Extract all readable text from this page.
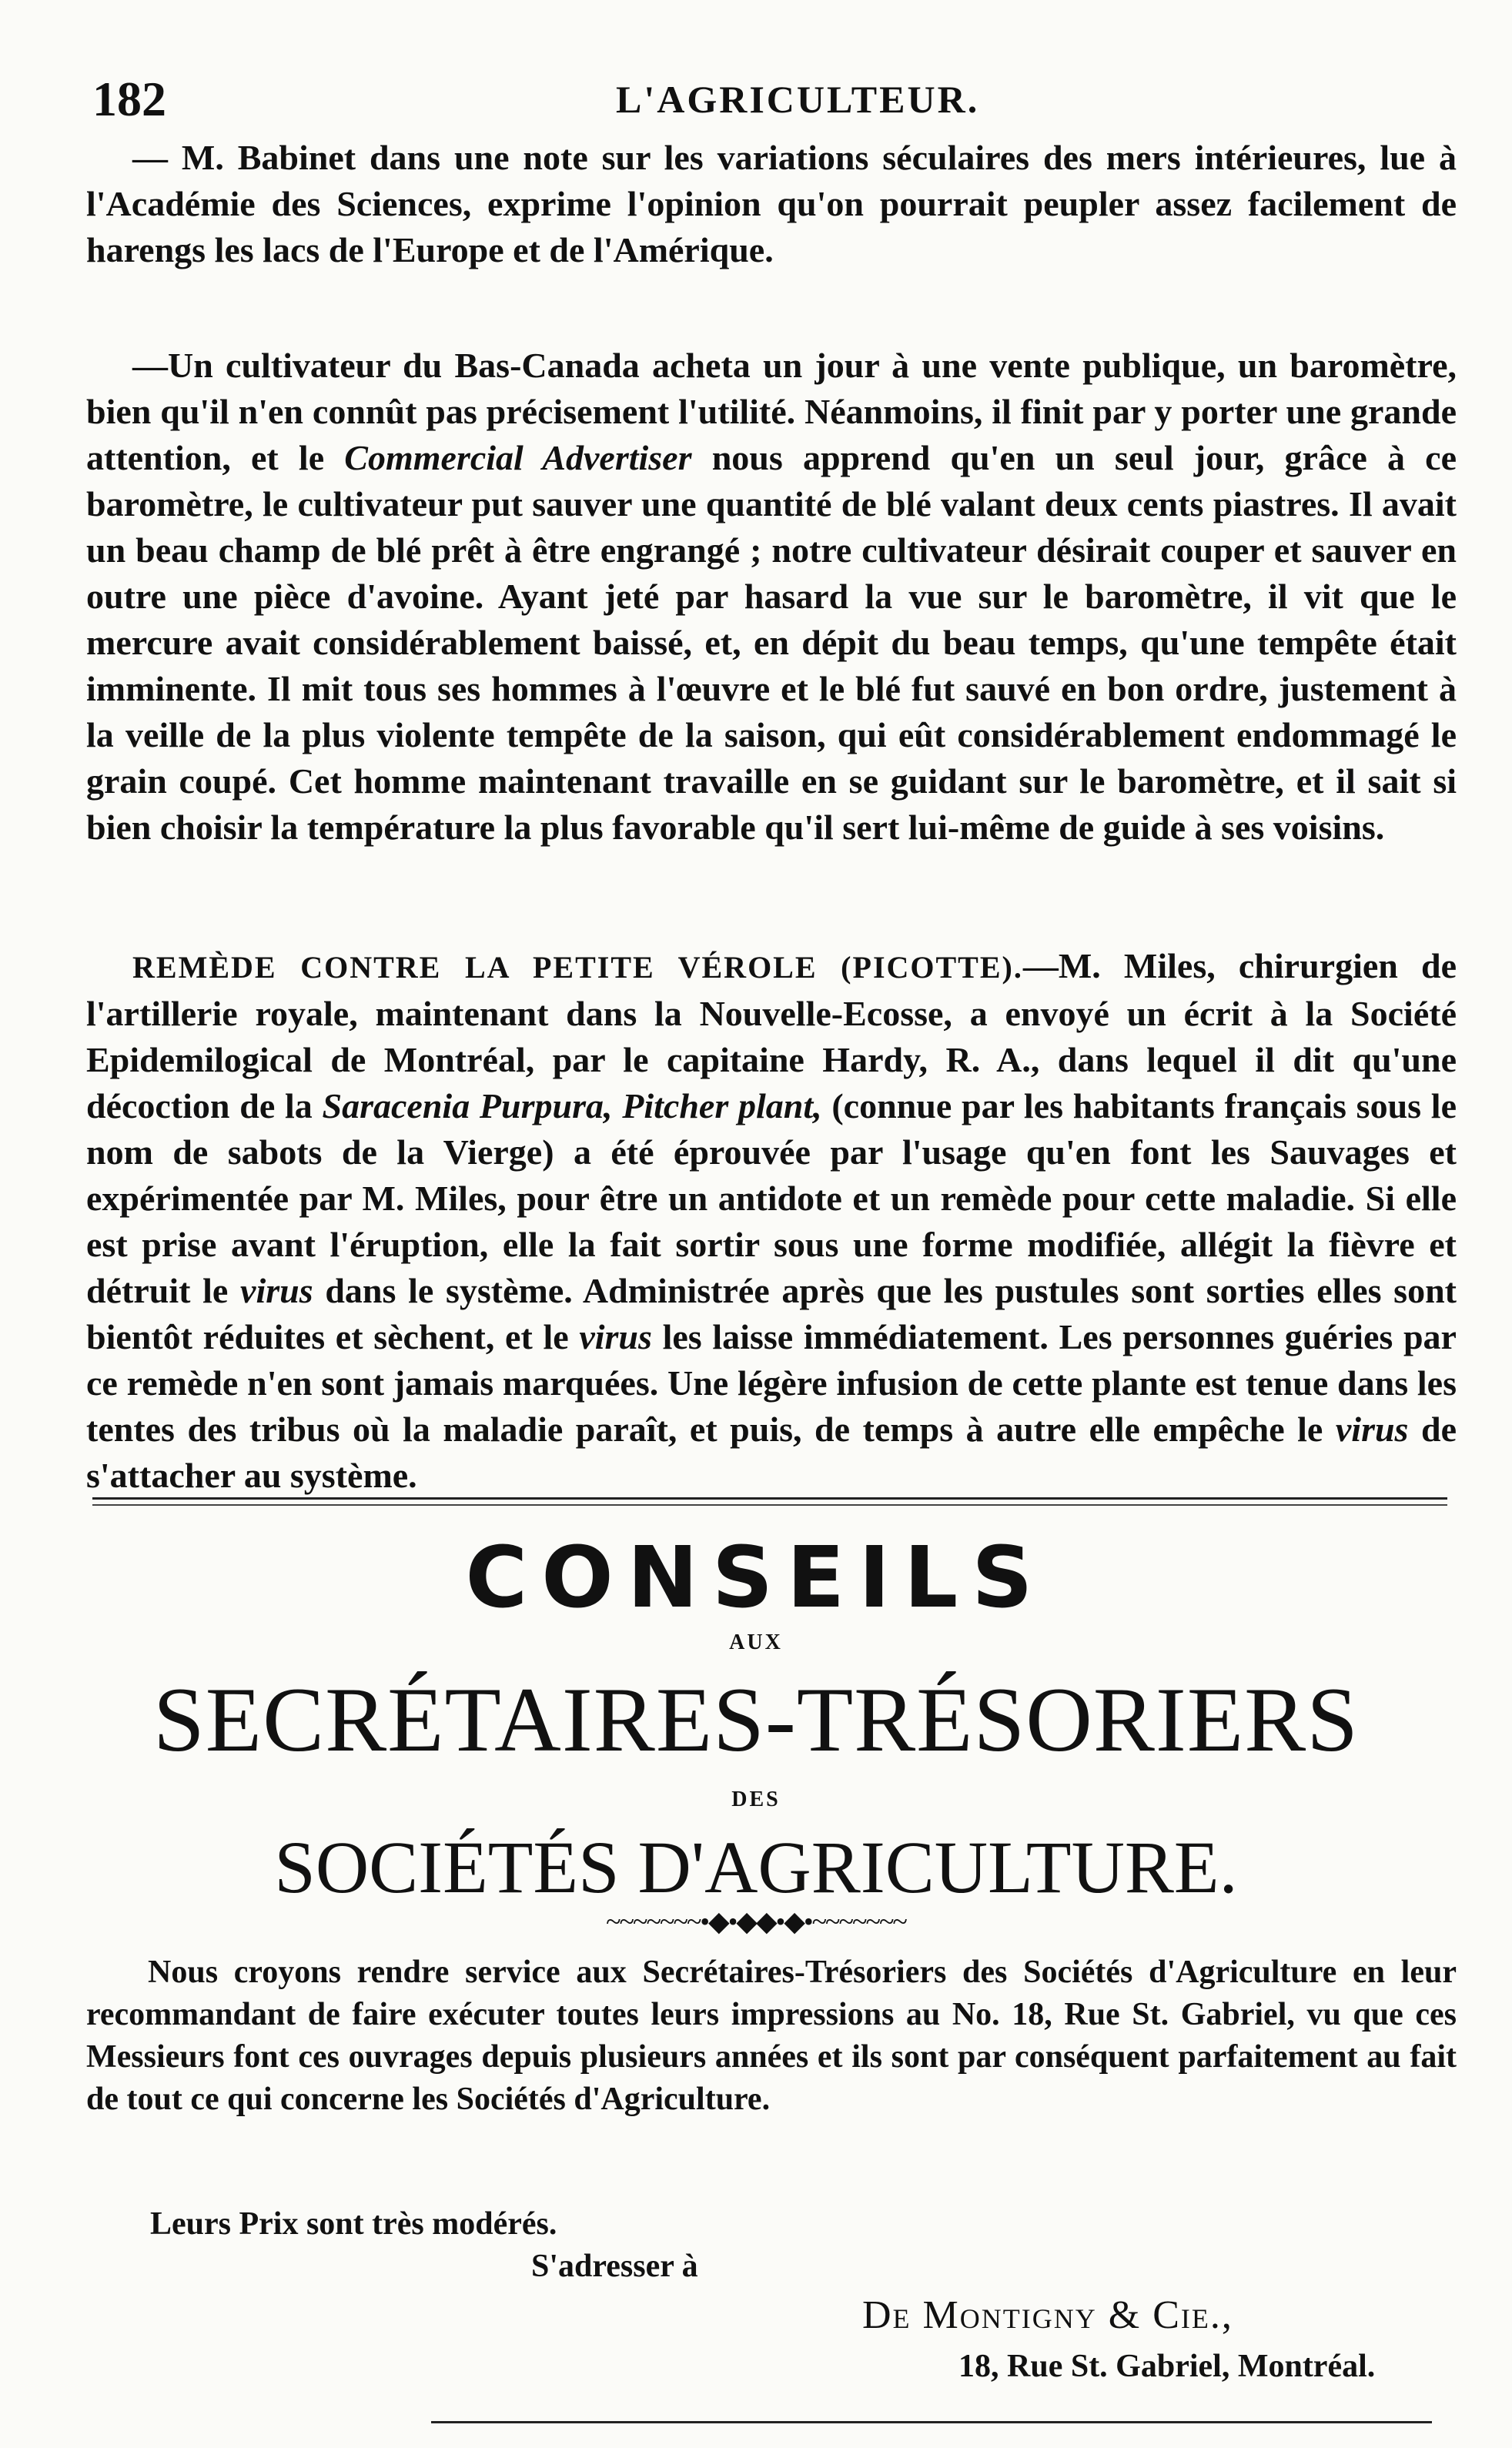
182	L'AGRICULTEUR.

— M. Babinet dans une note sur les variations séculaires des mers intérieures, lue à l'Académie des Sciences, exprime l'opinion qu'on pourrait peupler assez facilement de harengs les lacs de l'Europe et de l'Amérique.

—Un cultivateur du Bas-Canada acheta un jour à une vente publique, un baromètre, bien qu'il n'en connût pas précisement l'utilité. Néanmoins, il finit par y porter une grande attention, et le Commercial Advertiser nous apprend qu'en un seul jour, grâce à ce baromètre, le cultivateur put sauver une quantité de blé valant deux cents piastres. Il avait un beau champ de blé prêt à être engrangé ; notre cultivateur désirait couper et sauver en outre une pièce d'avoine. Ayant jeté par hasard la vue sur le baromètre, il vit que le mercure avait considérablement baissé, et, en dépit du beau temps, qu'une tempête était imminente. Il mit tous ses hommes à l'œuvre et le blé fut sauvé en bon ordre, justement à la veille de la plus violente tempête de la saison, qui eût considérablement endommagé le grain coupé. Cet homme maintenant travaille en se guidant sur le baromètre, et il sait si bien choisir la température la plus favorable qu'il sert lui-même de guide à ses voisins.

REMÈDE CONTRE LA PETITE VÉROLE (PICOTTE).—M. Miles, chirurgien de l'artillerie royale, maintenant dans la Nouvelle-Ecosse, a envoyé un écrit à la Société Epidemilogical de Montréal, par le capitaine Hardy, R. A., dans lequel il dit qu'une décoction de la Saracenia Purpura, Pitcher plant, (connue par les habitants français sous le nom de sabots de la Vierge) a été éprouvée par l'usage qu'en font les Sauvages et expérimentée par M. Miles, pour être un antidote et un remède pour cette maladie. Si elle est prise avant l'éruption, elle la fait sortir sous une forme modifiée, allégit la fièvre et détruit le virus dans le système. Administrée après que les pustules sont sorties elles sont bientôt réduites et sèchent, et le virus les laisse immédiatement. Les personnes guéries par ce remède n'en sont jamais marquées. Une légère infusion de cette plante est tenue dans les tentes des tribus où la maladie paraît, et puis, de temps à autre elle empêche le virus de s'attacher au système.

CONSEILS
AUX
SECRÉTAIRES-TRÉSORIERS
DES
SOCIÉTÉS D'AGRICULTURE.
~~~~~~~•◆•◆◆•◆•~~~~~~~

Nous croyons rendre service aux Secrétaires-Trésoriers des Sociétés d'Agriculture en leur recommandant de faire exécuter toutes leurs impressions au No. 18, Rue St. Gabriel, vu que ces Messieurs font ces ouvrages depuis plusieurs années et ils sont par conséquent parfaitement au fait de tout ce qui concerne les Sociétés d'Agriculture.

Leurs Prix sont très modérés.
S'adresser à
De Montigny & Cie.,
18, Rue St. Gabriel, Montréal.
